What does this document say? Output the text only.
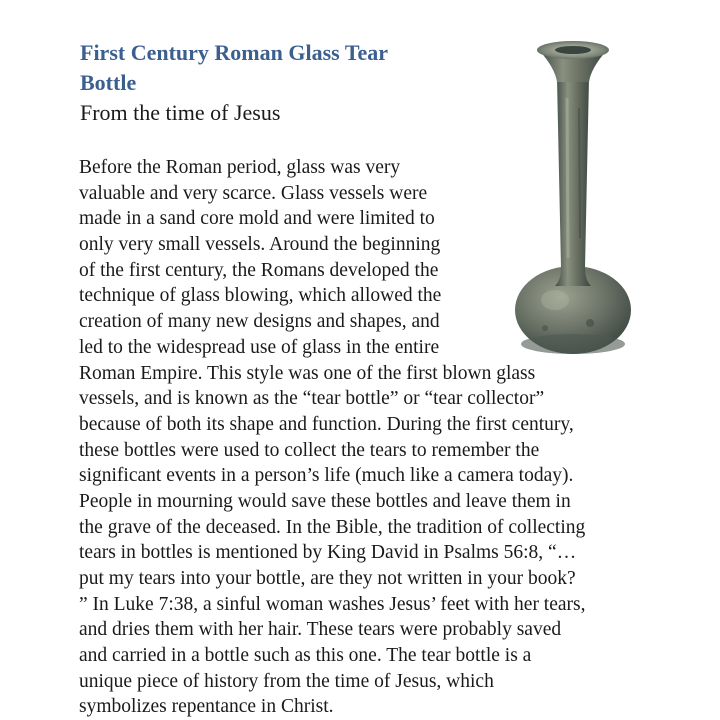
First Century Roman Glass Tear
Bottle
From the time of Jesus
Before the Roman period, glass was very
valuable and very scarce. Glass vessels were
made in a sand core mold and were limited to
only very small vessels. Around the beginning
of the first century, the Romans developed the
technique of glass blowing, which allowed the
creation of many new designs and shapes, and
led to the widespread use of glass in the entire
Roman Empire. This style was one of the first blown glass
vessels, and is known as the “tear bottle” or “tear collector”
because of both its shape and function. During the first century,
these bottles were used to collect the tears to remember the
significant events in a person’s life (much like a camera today).
People in mourning would save these bottles and leave them in
the grave of the deceased. In the Bible, the tradition of collecting
tears in bottles is mentioned by King David in Psalms 56:8, “…
put my tears into your bottle, are they not written in your book?
” In Luke 7:38, a sinful woman washes Jesus’ feet with her tears,
and dries them with her hair. These tears were probably saved
and carried in a bottle such as this one. The tear bottle is a
unique piece of history from the time of Jesus, which
symbolizes repentance in Christ.
